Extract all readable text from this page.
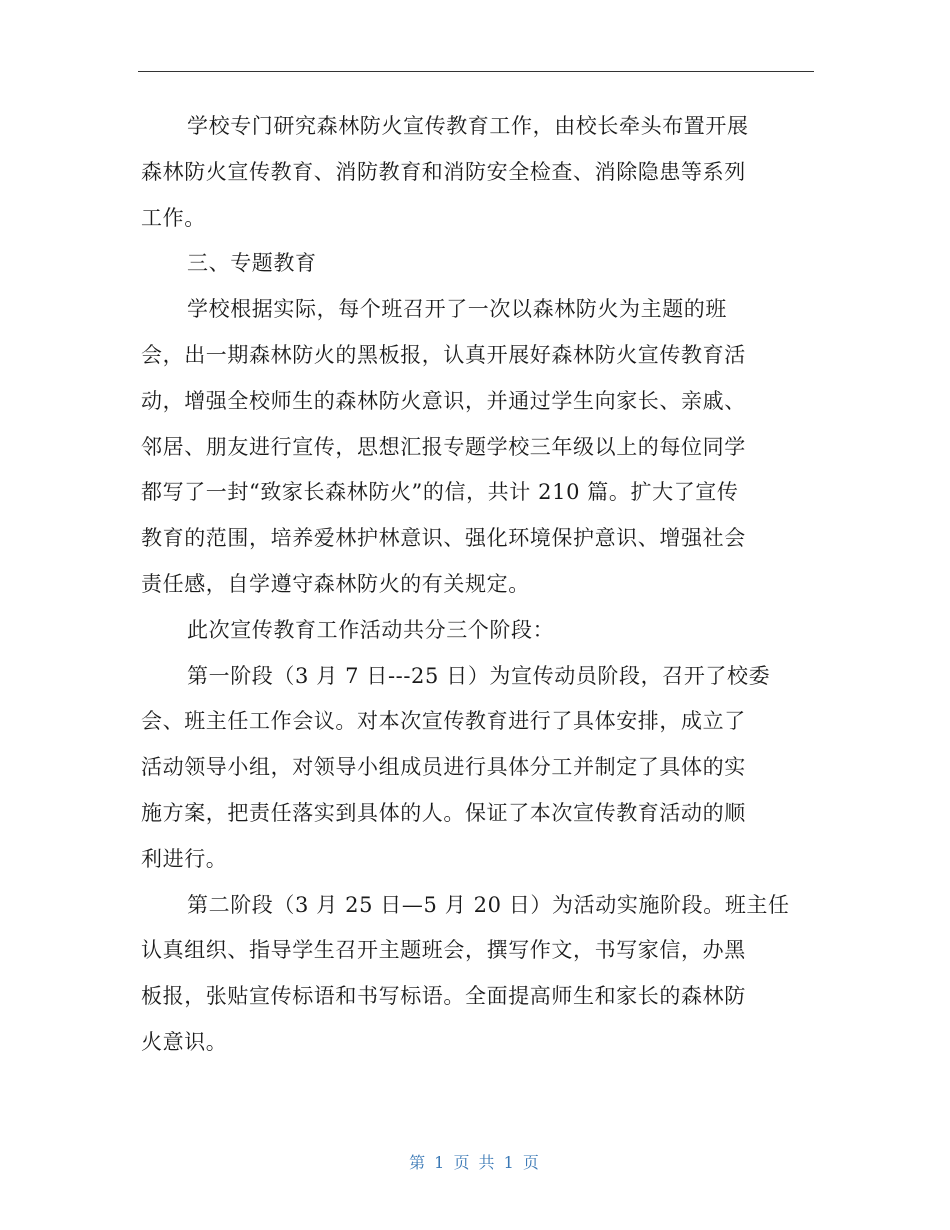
学校专门研究森林防火宣传教育工作，由校长牵头布置开展
森林防火宣传教育、消防教育和消防安全检查、消除隐患等系列
工作。
三、专题教育
学校根据实际，每个班召开了一次以森林防火为主题的班
会，出一期森林防火的黑板报，认真开展好森林防火宣传教育活
动，增强全校师生的森林防火意识，并通过学生向家长、亲戚、
邻居、朋友进行宣传，思想汇报专题学校三年级以上的每位同学
都写了一封“致家长森林防火”的信，共计 210 篇。扩大了宣传
教育的范围，培养爱林护林意识、强化环境保护意识、增强社会
责任感，自学遵守森林防火的有关规定。
此次宣传教育工作活动共分三个阶段：
第一阶段（3 月 7 日---25 日）为宣传动员阶段，召开了校委
会、班主任工作会议。对本次宣传教育进行了具体安排，成立了
活动领导小组，对领导小组成员进行具体分工并制定了具体的实
施方案，把责任落实到具体的人。保证了本次宣传教育活动的顺
利进行。
第二阶段（3 月 25 日—5 月 20 日）为活动实施阶段。班主任
认真组织、指导学生召开主题班会，撰写作文，书写家信，办黑
板报，张贴宣传标语和书写标语。全面提高师生和家长的森林防
火意识。
第 1 页 共 1 页
